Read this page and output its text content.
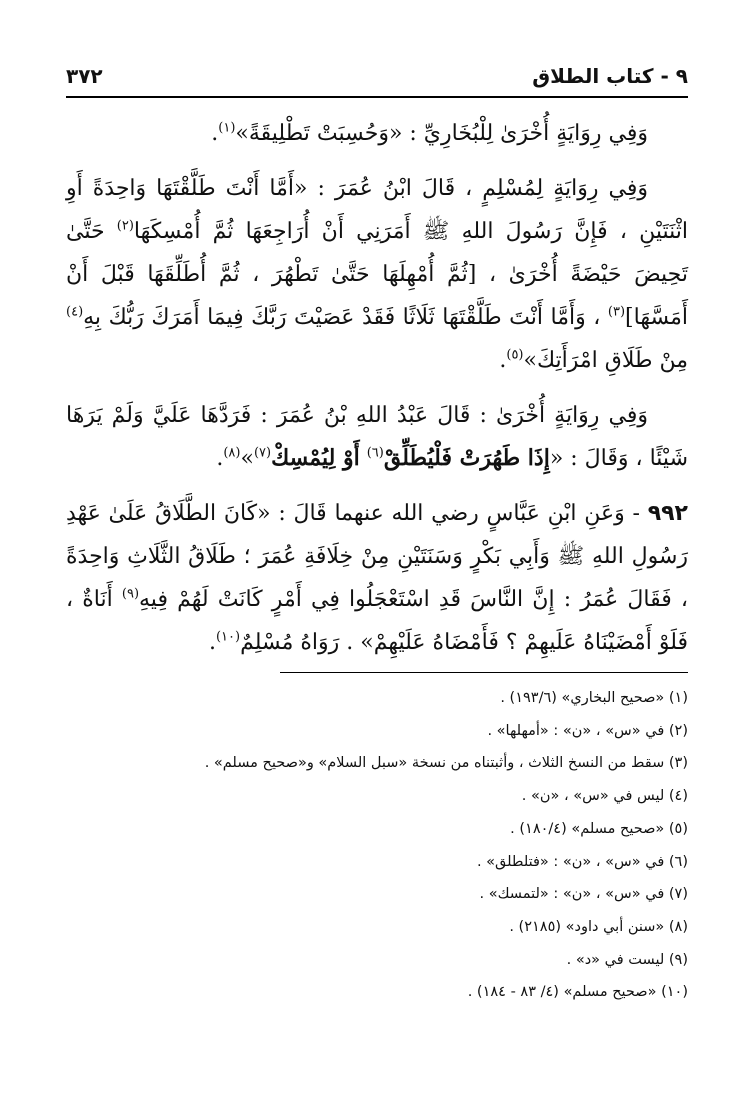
٣٧٢	٩ - كتاب الطلاق

وَفِي رِوَايَةٍ أُخْرَىٰ لِلْبُخَارِيِّ : «وَحُسِبَتْ تَطْلِيقَةً»$^{(١)}$.

وَفِي رِوَايَةٍ لِمُسْلِمٍ ، قَالَ ابْنُ عُمَرَ : «أَمَّا أَنْتَ طَلَّقْتَهَا وَاحِدَةً أَوِ اثْنَتَيْنِ ، فَإِنَّ رَسُولَ اللهِ ﷺ أَمَرَنِي أَنْ أُرَاجِعَهَا ثُمَّ أُمْسِكَهَا$^{(٢)}$ حَتَّىٰ تَحِيضَ حَيْضَةً أُخْرَىٰ ، [ثُمَّ أُمْهِلَهَا حَتَّىٰ تَطْهُرَ ، ثُمَّ أُطَلِّقَهَا قَبْلَ أَنْ أَمَسَّهَا]$^{(٣)}$ ، وَأَمَّا أَنْتَ طَلَّقْتَهَا ثَلَاثًا فَقَدْ عَصَيْتَ رَبَّكَ فِيمَا أَمَرَكَ رَبُّكَ بِهِ$^{(٤)}$ مِنْ طَلَاقِ امْرَأَتِكَ»$^{(٥)}$.

وَفِي رِوَايَةٍ أُخْرَىٰ : قَالَ عَبْدُ اللهِ بْنُ عُمَرَ : فَرَدَّهَا عَلَيَّ وَلَمْ يَرَهَا شَيْئًا ، وَقَالَ : «إِذَا طَهُرَتْ فَلْيُطَلِّقْ$^{(٦)}$ أَوْ لِيُمْسِكْ$^{(٧)}$»$^{(٨)}$.

٩٩٢ - وَعَنِ ابْنِ عَبَّاسٍ رضي الله عنهما قَالَ : «كَانَ الطَّلَاقُ عَلَىٰ عَهْدِ رَسُولِ اللهِ ﷺ وَأَبِي بَكْرٍ وَسَنَتَيْنِ مِنْ خِلَافَةِ عُمَرَ ؛ طَلَاقُ الثَّلَاثِ وَاحِدَةً ، فَقَالَ عُمَرُ : إِنَّ النَّاسَ قَدِ اسْتَعْجَلُوا فِي أَمْرٍ كَانَتْ لَهُمْ فِيهِ$^{(٩)}$ أَنَاةٌ ، فَلَوْ أَمْضَيْنَاهُ عَلَيهِمْ ؟ فَأَمْضَاهُ عَلَيْهِمْ» . رَوَاهُ مُسْلِمٌ$^{(١٠)}$.

(١) «صحيح البخاري» (١٩٣/٦) .
(٢) في «س» ، «ن» : «أمهلها» .
(٣) سقط من النسخ الثلاث ، وأثبتناه من نسخة «سبل السلام» و«صحيح مسلم» .
(٤) ليس في «س» ، «ن» .
(٥) «صحيح مسلم» (١٨٠/٤) .
(٦) في «س» ، «ن» : «فتلطلق» .
(٧) في «س» ، «ن» : «لتمسك» .
(٨) «سنن أبي داود» (٢١٨٥) .
(٩) ليست في «د» .
(١٠) «صحيح مسلم» (٤/ ٨٣ - ١٨٤) .
